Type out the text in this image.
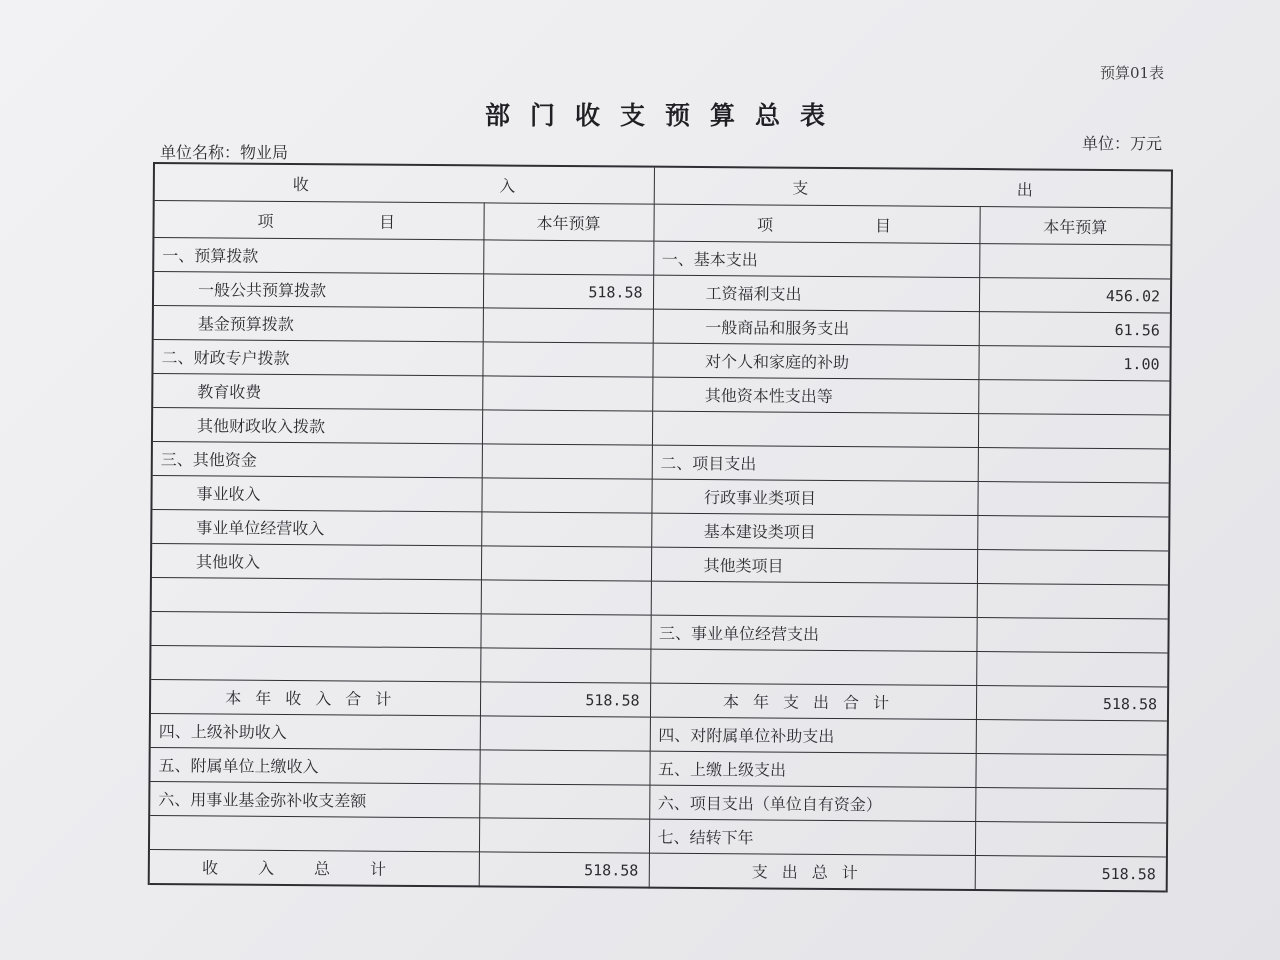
预算01表
部门收支预算总表
单位名称：物业局	单位：万元
收 入		支 出	

项 目	本年预算	项 目	本年预算
一、预算拨款		一、基本支出	
一般公共预算拨款	518.58	工资福利支出	456.02
基金预算拨款		一般商品和服务支出	61.56
二、财政专户拨款		对个人和家庭的补助	1.00
教育收费		其他资本性支出等	
其他财政收入拨款			
三、其他资金		二、项目支出	
事业收入		行政事业类项目	
事业单位经营收入		基本建设类项目	
其他收入		其他类项目	

		三、事业单位经营支出	

本年收入合计	518.58	本年支出合计	518.58
四、上级补助收入		四、对附属单位补助支出	
五、附属单位上缴收入		五、上缴上级支出	
六、用事业基金弥补收支差额		六、项目支出（单位自有资金）	
		七、结转下年	
收入总计	518.58	支出总计	518.58
